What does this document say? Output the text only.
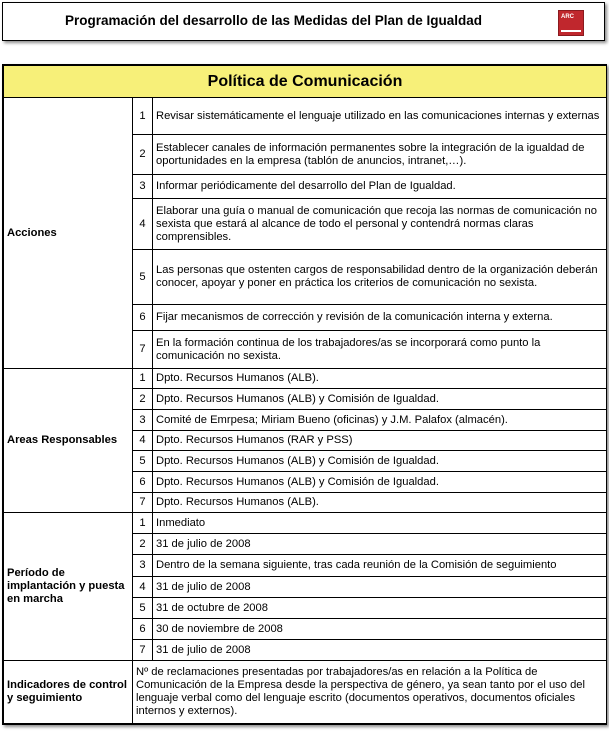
Programación del desarrollo de las Medidas del Plan de Igualdad	ARC
Política de Comunicación		
Acciones	1	Revisar sistemáticamente el lenguaje utilizado en las comunicaciones internas y externas
	2	Establecer canales de información permanentes sobre la integración de la igualdad de oportunidades en la empresa (tablón de anuncios, intranet,…).
	3	Informar periódicamente del desarrollo del Plan de Igualdad.
	4	Elaborar una guía o manual de comunicación que recoja las normas de comunicación no sexista que estará al alcance de todo el personal y contendrá normas claras comprensibles.
	5	Las personas que ostenten cargos de responsabilidad dentro de la organización deberán conocer, apoyar y poner en práctica los criterios de comunicación no sexista.
	6	Fijar mecanismos de corrección y revisión de la comunicación interna y externa.
	7	En la formación continua de los trabajadores/as se incorporará como punto la comunicación no sexista.
Areas Responsables	1	Dpto. Recursos Humanos (ALB).
	2	Dpto. Recursos Humanos (ALB) y Comisión de Igualdad.
	3	Comité de Emrpesa; Miriam Bueno (oficinas) y J.M. Palafox (almacén).
	4	Dpto. Recursos Humanos (RAR y PSS)
	5	Dpto. Recursos Humanos (ALB) y Comisión de Igualdad.
	6	Dpto. Recursos Humanos (ALB) y Comisión de Igualdad.
	7	Dpto. Recursos Humanos (ALB).
Período de implantación y puesta en marcha	1	Inmediato
	2	31 de julio de 2008
	3	Dentro de la semana siguiente, tras cada reunión de la Comisión de seguimiento
	4	31 de julio de 2008
	5	31 de octubre de 2008
	6	30 de noviembre de 2008
	7	31 de julio de 2008
Indicadores de control y seguimiento	Nº de reclamaciones presentadas por trabajadores/as en relación a la Política de Comunicación de la Empresa desde la perspectiva de género, ya sean tanto por el uso del lenguaje verbal como del lenguaje escrito (documentos operativos, documentos oficiales internos y externos).	
